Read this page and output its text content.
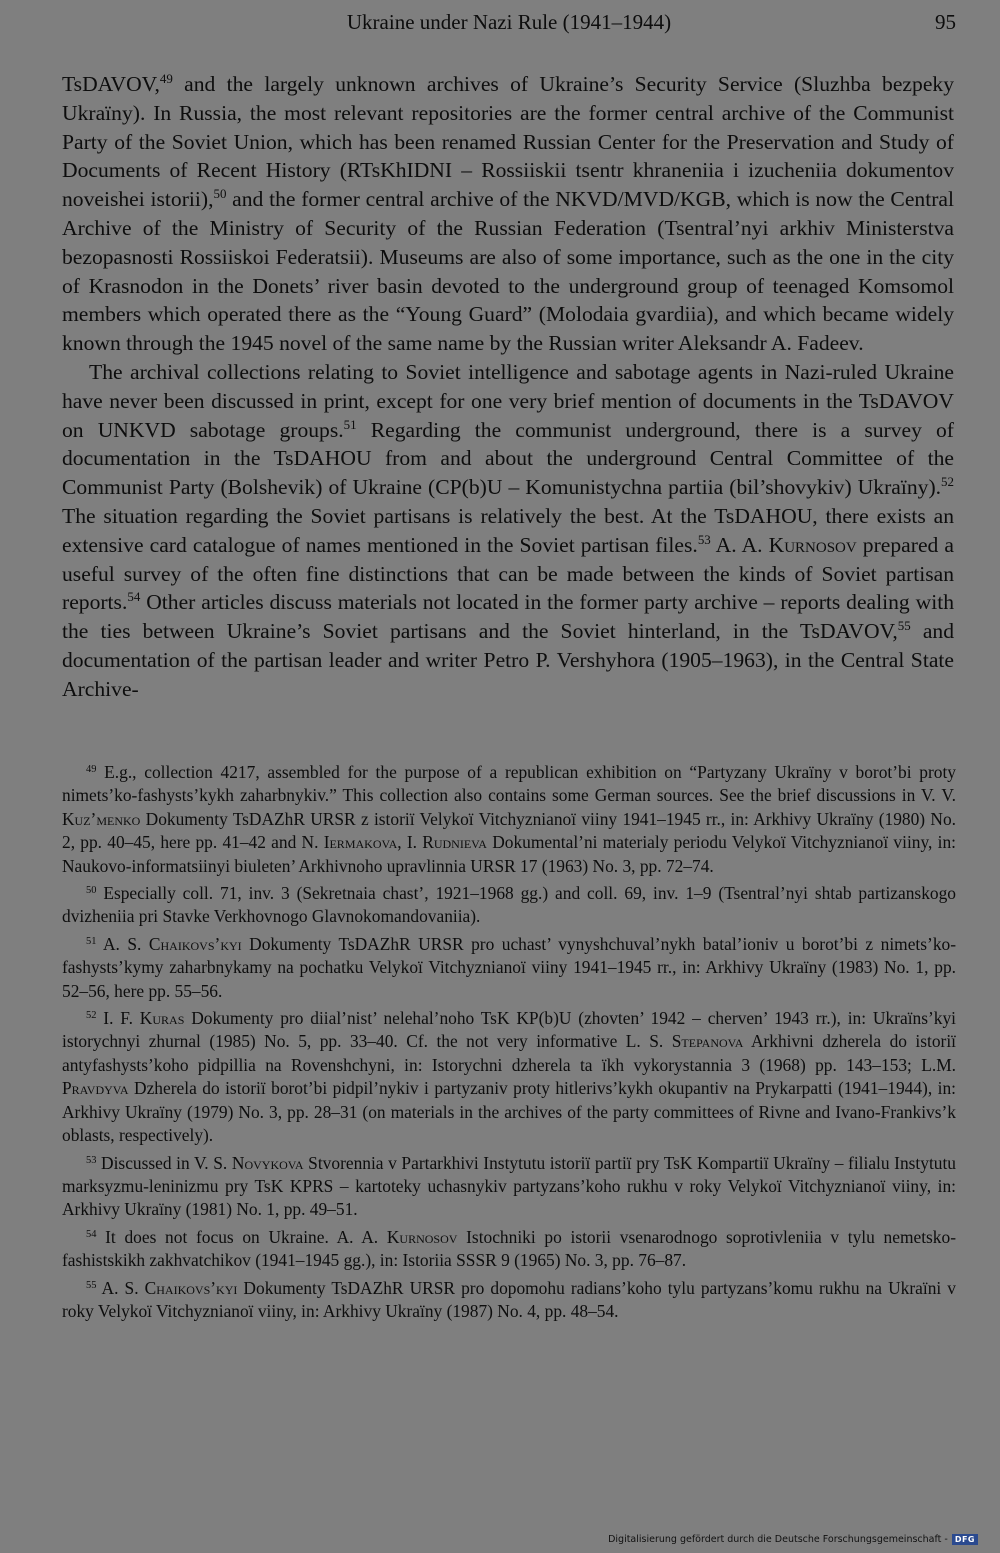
Ukraine under Nazi Rule (1941–1944)	95

TsDAVOV,$^{49}$ and the largely unknown archives of Ukraine’s Security Service (Sluzhba bezpeky Ukraïny). In Russia, the most relevant repositories are the former central archive of the Communist Party of the Soviet Union, which has been renamed Russian Center for the Preservation and Study of Documents of Recent History (RTsKhIDNI – Rossiiskii tsentr khraneniia i izucheniia dokumentov noveishei istorii),$^{50}$ and the former central archive of the NKVD/MVD/KGB, which is now the Central Archive of the Ministry of Security of the Russian Federation (Tsentral’nyi arkhiv Ministerstva bezopasnosti Rossiiskoi Federatsii). Museums are also of some importance, such as the one in the city of Krasnodon in the Donets’ river basin devoted to the underground group of teenaged Komsomol members which operated there as the “Young Guard” (Molodaia gvardiia), and which became widely known through the 1945 novel of the same name by the Russian writer Aleksandr A. Fadeev.

The archival collections relating to Soviet intelligence and sabotage agents in Nazi-ruled Ukraine have never been discussed in print, except for one very brief mention of documents in the TsDAVOV on UNKVD sabotage groups.$^{51}$ Regarding the communist underground, there is a survey of documentation in the TsDAHOU from and about the underground Central Committee of the Communist Party (Bolshevik) of Ukraine (CP(b)U – Komunistychna partiia (bil’shovykiv) Ukraïny).$^{52}$ The situation regarding the Soviet partisans is relatively the best. At the TsDAHOU, there exists an extensive card catalogue of names mentioned in the Soviet partisan files.$^{53}$ A. A. Kurnosov prepared a useful survey of the often fine distinctions that can be made between the kinds of Soviet partisan reports.$^{54}$ Other articles discuss materials not located in the former party archive – reports dealing with the ties between Ukraine’s Soviet partisans and the Soviet hinterland, in the TsDAVOV,$^{55}$ and documentation of the partisan leader and writer Petro P. Vershyhora (1905–1963), in the Central State Archive-

$^{49}$ E.g., collection 4217, assembled for the purpose of a republican exhibition on “Partyzany Ukraïny v borot’bi proty nimets’ko-fashysts’kykh zaharbnykiv.” This collection also contains some German sources. See the brief discussions in V. V. Kuz’menko Dokumenty TsDAZhR URSR z istoriï Velykoï Vitchyznianoï viiny 1941–1945 rr., in: Arkhivy Ukraïny (1980) No. 2, pp. 40–45, here pp. 41–42 and N. Iermakova, I. Rudnieva Dokumental’ni materialy periodu Velykoï Vitchyznianoï viiny, in: Naukovo-informatsiinyi biuleten’ Arkhivnoho upravlinnia URSR 17 (1963) No. 3, pp. 72–74.

$^{50}$ Especially coll. 71, inv. 3 (Sekretnaia chast’, 1921–1968 gg.) and coll. 69, inv. 1–9 (Tsentral’nyi shtab partizanskogo dvizheniia pri Stavke Verkhovnogo Glavnokomandovaniia).

$^{51}$ A. S. Chaikovs’kyi Dokumenty TsDAZhR URSR pro uchast’ vynyshchuval’nykh batal’ioniv u borot’bi z nimets’ko-fashysts’kymy zaharbnykamy na pochatku Velykoï Vitchyznianoï viiny 1941–1945 rr., in: Arkhivy Ukraïny (1983) No. 1, pp. 52–56, here pp. 55–56.

$^{52}$ I. F. Kuras Dokumenty pro diial’nist’ nelehal’noho TsK KP(b)U (zhovten’ 1942 – cherven’ 1943 rr.), in: Ukraïns’kyi istorychnyi zhurnal (1985) No. 5, pp. 33–40. Cf. the not very informative L. S. Stepanova Arkhivni dzherela do istoriï antyfashysts’koho pidpillia na Rovenshchyni, in: Istorychni dzherela ta ïkh vykorystannia 3 (1968) pp. 143–153; L.M. Pravdyva Dzherela do istoriï borot’bi pidpil’nykiv i partyzaniv proty hitlerivs’kykh okupantiv na Prykarpatti (1941–1944), in: Arkhivy Ukraïny (1979) No. 3, pp. 28–31 (on materials in the archives of the party committees of Rivne and Ivano-Frankivs’k oblasts, respectively).

$^{53}$ Discussed in V. S. Novykova Stvorennia v Partarkhivi Instytutu istoriï partiï pry TsK Kompartiï Ukraïny – filialu Instytutu marksyzmu-leninizmu pry TsK KPRS – kartoteky uchasnykiv partyzans’koho rukhu v roky Velykoï Vitchyznianoï viiny, in: Arkhivy Ukraïny (1981) No. 1, pp. 49–51.

$^{54}$ It does not focus on Ukraine. A. A. Kurnosov Istochniki po istorii vsenarodnogo soprotivleniia v tylu nemetsko-fashistskikh zakhvatchikov (1941–1945 gg.), in: Istoriia SSSR 9 (1965) No. 3, pp. 76–87.

$^{55}$ A. S. Chaikovs’kyi Dokumenty TsDAZhR URSR pro dopomohu radians’koho tylu partyzans’komu rukhu na Ukraïni v roky Velykoï Vitchyznianoï viiny, in: Arkhivy Ukraïny (1987) No. 4, pp. 48–54.

Digitalisierung gefördert durch die Deutsche Forschungsgemeinschaft - DFG
